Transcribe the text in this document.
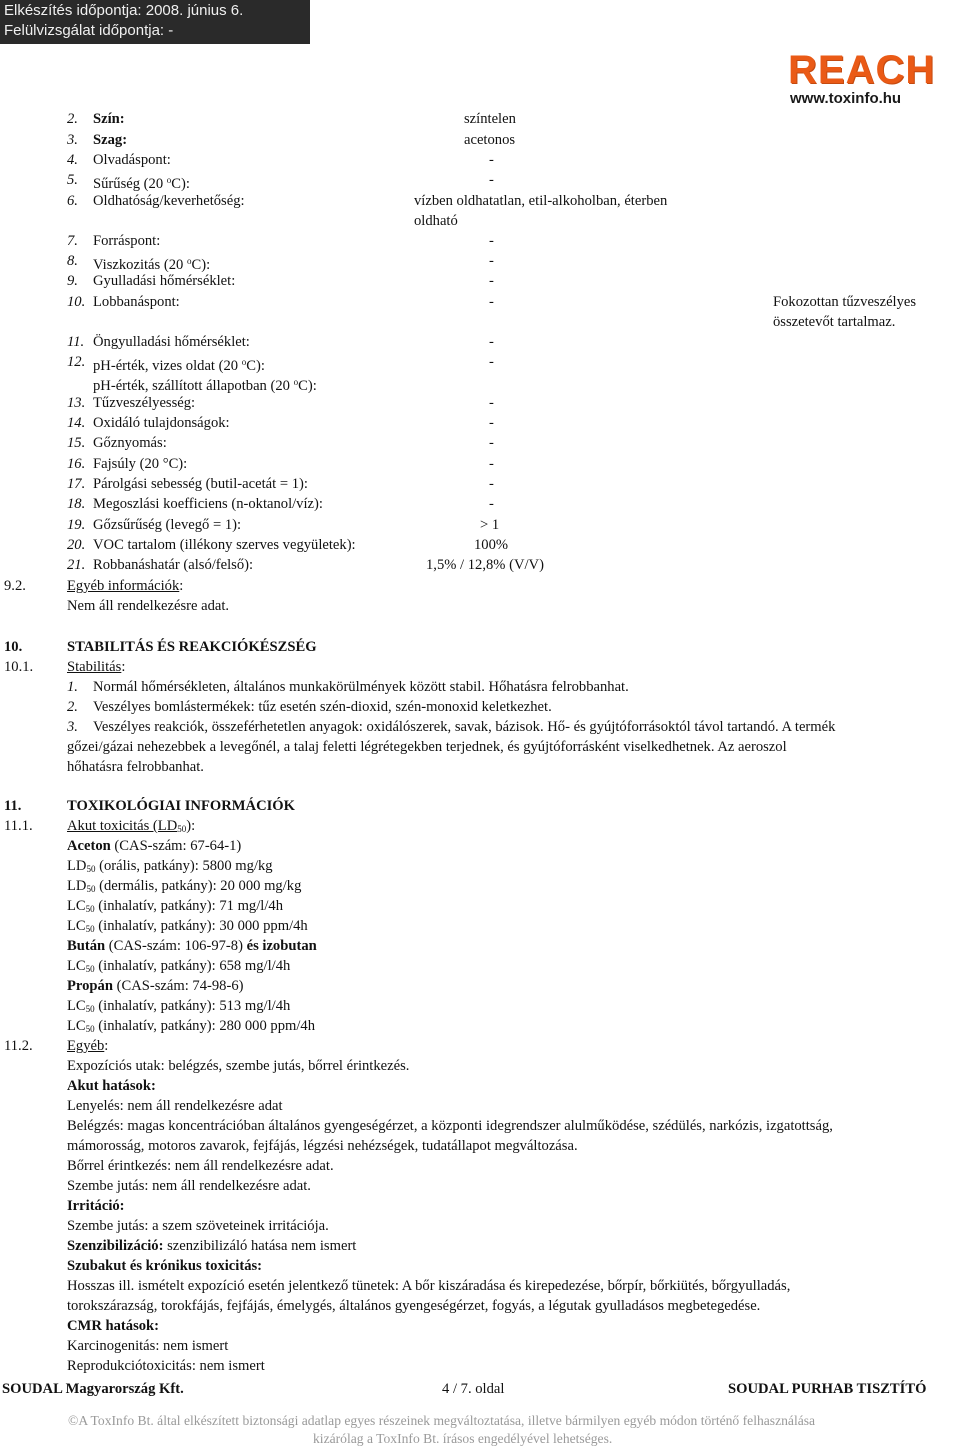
Elkészítés időpontja: 2008. június 6.
Felülvizsgálat időpontja: -
REACH
www.toxinfo.hu
2. Szín:	színtelen
3. Szag:	acetonos
4. Olvadáspont:	-
5. Sűrűség (20 $^o$C):	-
6. Oldhatóság/keverhetőség:	vízben oldhatatlan, etil-alkoholban, éterben
oldható
7. Forráspont:	-
8. Viszkozitás (20 $^o$C):	-
9. Gyulladási hőmérséklet:	-
10. Lobbanáspont:	-	Fokozottan tűzveszélyes
összetevőt tartalmaz.
11. Öngyulladási hőmérséklet:	-
12. pH-érték, vizes oldat (20 $^o$C):	-
pH-érték, szállított állapotban (20 $^o$C):
13. Tűzveszélyesség:	-
14. Oxidáló tulajdonságok:	-
15. Gőznyomás:	-
16. Fajsúly (20 °C):	-
17. Párolgási sebesség (butil-acetát = 1):	-
18. Megoszlási koefficiens (n-oktanol/víz):	-
19. Gőzsűrűség (levegő = 1):	> 1
20. VOC tartalom (illékony szerves vegyületek):	100%
21. Robbanáshatár (alsó/felső):	1,5% / 12,8% (V/V)
9.2.	Egyéb információk:
Nem áll rendelkezésre adat.
10.	STABILITÁS ÉS REAKCIÓKÉSZSÉG
10.1. Stabilitás:
1. Normál hőmérsékleten, általános munkakörülmények között stabil. Hőhatásra felrobbanhat.
2. Veszélyes bomlástermékek: tűz esetén szén-dioxid, szén-monoxid keletkezhet.
3. Veszélyes reakciók, összeférhetetlen anyagok: oxidálószerek, savak, bázisok. Hő- és gyújtóforrásoktól távol tartandó. A termék
gőzei/gázai nehezebbek a levegőnél, a talaj feletti légrétegekben terjednek, és gyújtóforrásként viselkedhetnek. Az aeroszol
hőhatásra felrobbanhat.
11.	TOXIKOLÓGIAI INFORMÁCIÓK
11.1. Akut toxicitás $(LD_{50})$:
Aceton (CAS-szám: 67-64-1)
$LD_{50}$ (orális, patkány): 5800 mg/kg
$LD_{50}$ (dermális, patkány): 20 000 mg/kg
$LC_{50}$ (inhalatív, patkány): 71 mg/l/4h
$LC_{50}$ (inhalatív, patkány): 30 000 ppm/4h
Bután (CAS-szám: 106-97-8) és izobutan
$LC_{50}$ (inhalatív, patkány): 658 mg/l/4h
Propán (CAS-szám: 74-98-6)
$LC_{50}$ (inhalatív, patkány): 513 mg/l/4h
$LC_{50}$ (inhalatív, patkány): 280 000 ppm/4h
11.2. Egyéb:
Expozíciós utak: belégzés, szembe jutás, bőrrel érintkezés.
Akut hatások:
Lenyelés: nem áll rendelkezésre adat
Belégzés: magas koncentrációban általános gyengeségérzet, a központi idegrendszer alulműködése, szédülés, narkózis, izgatottság,
mámorosság, motoros zavarok, fejfájás, légzési nehézségek, tudatállapot megváltozása.
Bőrrel érintkezés: nem áll rendelkezésre adat.
Szembe jutás: nem áll rendelkezésre adat.
Irritáció:
Szembe jutás: a szem szöveteinek irritációja.
Szenzibilizáció: szenzibilizáló hatása nem ismert
Szubakut és krónikus toxicitás:
Hosszas ill. ismételt expozíció esetén jelentkező tünetek: A bőr kiszáradása és kirepedezése, bőrpír, bőrkiütés, bőrgyulladás,
torokszárazság, torokfájás, fejfájás, émelygés, általános gyengeségérzet, fogyás, a légutak gyulladásos megbetegedése.
CMR hatások:
Karcinogenitás: nem ismert
Reprodukciótoxicitás: nem ismert
SOUDAL Magyarország Kft.	4 / 7. oldal	SOUDAL PURHAB TISZTÍTÓ
©A ToxInfo Bt. által elkészített biztonsági adatlap egyes részeinek megváltoztatása, illetve bármilyen egyéb módon történő felhasználása
kizárólag a ToxInfo Bt. írásos engedélyével lehetséges.
